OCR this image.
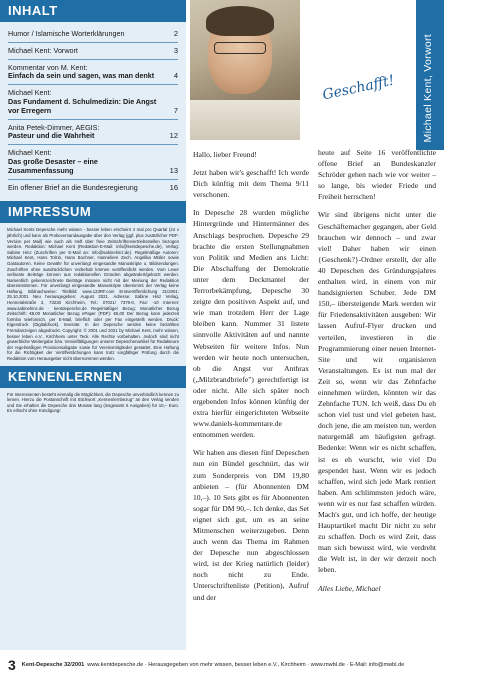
INHALT
Humor / Islamische Worterklärungen	2
Michael Kent: Vorwort	3
Kommentar von M. Kent:
Einfach da sein und sagen, was man denkt	4
Michael Kent:
Das Fundament d. Schulmedizin: Die Angst vor Erregern	7
Anita Petek-Dimmer, AEGIS:
Pasteur und die Wahrheit	12
Michael Kent:
Das große Desaster – eine Zusammenfassung	13
Ein offener Brief an die Bundesregierung	16
IMPRESSUM
Michael Kents Depesche mehr wissen - besser leben erscheint 4 mal pro Quartal (24 x jährlich) und kann als Probeversandausgabe über den Verlag (ggf. plus zusätzlicher PDF-Version per Mail) wie auch als Heft über freie Zeitschriftenvertriebsstellen bezogen werden. Redaktion: Michael Kent (Redaktion-E-Mail: info@kentdepesche.de), Verlag: Sabine Hinz (Zuschriften per E-Mail an: info@sabinehinz.de). Regelmäßige Autoren: Michael Kent, Hans Tolzin, Hans Bochner, Hanneliere Zech, Angelika Müller sowie Gastautoren. Keine Gewähr für unverlangt eingesandte Manuskripte u. Bildsendungen. Zuschriften ohne ausdrücklichen Vorbehalt können veröffentlicht werden. Vom Leser verfasste Beiträge können aus redaktionellen Gründen abgeändert/gekürzt werden. Namentlich gekennzeichnete Beiträge müssen nicht mit der Meinung der Redaktion übereinstimmen. Für unverlangt eingesandte Manuskripte übernimmt der Verlag keine Haftung. Bildnachweise: Titelbild: www.123RF.com Erstveröffentlichung 31/2001: 25.10.2001 Neu herausgegeben: August 2021. Adresse: Sabine Hinz Verlag, Hennetalstraße 3, 73230 Kirchheim, Tel.: 07021/ 7376-0, Fax: -10 Internet: www.sabinehinz.de · kentdepesche.de Regelmäßiger Bezug: Monatlicher Bezug Zeitschrift: €8,00 Monatlicher Bezug ePaper (PDF): €6,00 Der Bezug kann jederzeit formlos telefonisch, per E-Mail, brieflich oder per Fax eingestellt werden. Druck: Eigendruck (Digitaldruck). Inserate: In der Depesche werden keine bezahlten Fremdanzeigen abgedruckt. Copyright: © 2001 und 2021 by Michael Kent, mehr wissen, besser leben e.V., Kirchheim unter Teck. Alle Rechte vorbehalten. Jedoch sind nicht gewerbliche Weitergabe bzw. Vervielfältigungen unserer Depeschenartikel für Redakteure der regelmäßigen Provisionsabgabe sowie für Vereinsmitglieder gestattet. Eine Haftung für die Richtigkeit der Veröffentlichungen kann trotz sorgfältiger Prüfung durch die Redaktion vom Herausgeber nicht übernommen werden.
KENNENLERNEN
Für Interessenten besteht einmalig die Möglichkeit, die Depesche unverbindlich kennen zu lernen. Hierzu die Postanschrift mit Stichwort „Kennenlernbezug" an den Verlag senden und Sie erhalten die Depesche drei Monate lang (insgesamt 6 Ausgaben) für 10,– Euro. Es erlischt ohne Kündigung!
Geschafft! Michael Kent, Vorwort

Hallo, lieber Freund!

Jetzt haben wir's geschafft! Ich werde Dich künftig mit dem Thema 9/11 verschonen.

In Depesche 28 wurden mögliche Hintergründe und Hintermänner des Anschlags besprochen. Depesche 29 brachte die ersten Stellungnahmen von Politik und Medien ans Licht: Die Abschaffung der Demokratie unter dem Deckmantel der Terrorbekämpfung, Depesche 30 zeigte den positiven Aspekt auf, und wie man trotzdem Herr der Lage bleiben kann. Nummer 31 listete sinnvolle Aktivitäten auf und nannte Webseiten für weitere Infos. Nun werden wir heute noch untersuchen, ob die Angst vor Anthrax („Milzbrandbriefe") gerechtfertigt ist oder nicht. Alle sich später noch ergebenden Infos können künftig der extra hierfür eingerichteten Webseite www.daniels-kommentare.de entnommen werden.

Wir haben aus diesen fünf Depeschen nun ein Bündel geschnürt, das wir zum Sonderpreis von DM 19,80 anbieten – (für Abonnenten DM 10,–). 10 Sets gibt es für Abonnenten sogar für DM 90,–. Ich denke, das Set eignet sich gut, um es an seine Mitmenschen weiterzugeben. Denn auch wenn das Thema im Rahmen der Depesche nun abgeschlossen wird, ist der Krieg natürlich (leider) noch nicht zu Ende. Unterschriftenliste (Petition), Aufruf und der

heute auf Seite 16 veröffentlichte offene Brief an Bundeskanzler Schröder gehen nach wie vor weiter – so lange, bis wieder Friede und Freiheit herrschen!

Wir sind übrigens nicht unter die Geschäftemacher gegangen, aber Geld brauchen wir dennoch – und zwar viel! Daher haben wir einen {Geschenk?}-Ordner erstellt, der alle 40 Depeschen des Gründungsjahres enthalten wird, in einem von mir handsignierten Schuber. Jede DM 150,– übersteigende Mark werden wir für Friedensaktivitäten ausgeben: Wir lassen Aufruf-Flyer drucken und verteilen, investieren in die Programmierung einer neuen Internet-Site und wir organisieren Veranstaltungen. Es ist nun mal der Zeit so, wenn wir das Zehnfache einnehmen würden, könnten wir das Zehnfache TUN. Ich weiß, dass Du eh schon viel tust und viel gebeten hast, doch jene, die am meisten tun, werden naturgemäß am häufigsten gefragt. Bedenke: Wenn wir es nicht schaffen, ist es eh wurscht, wie viel Du gespendet hast. Wenn wir es jedoch schaffen, wird sich jede Mark rentiert haben. Am schlimmsten jedoch wäre, wenn wir es nur fast schaffen würden. Mach's gut, und ich hoffe, der heutige Hauptartikel macht Dir nicht zu sehr zu schaffen. Doch es wird Zeit, dass man sich bewusst wird, wie verdreht die Welt ist, in der wir derzeit noch leben.

Alles Liebe, Michael

3 Kent-Depesche 32/2001 www.kentdepesche.de · Herausgegeben von mehr wissen, besser leben e.V., Kirchheim · www.mwbl.de · E-Mail: info@mwbl.de
